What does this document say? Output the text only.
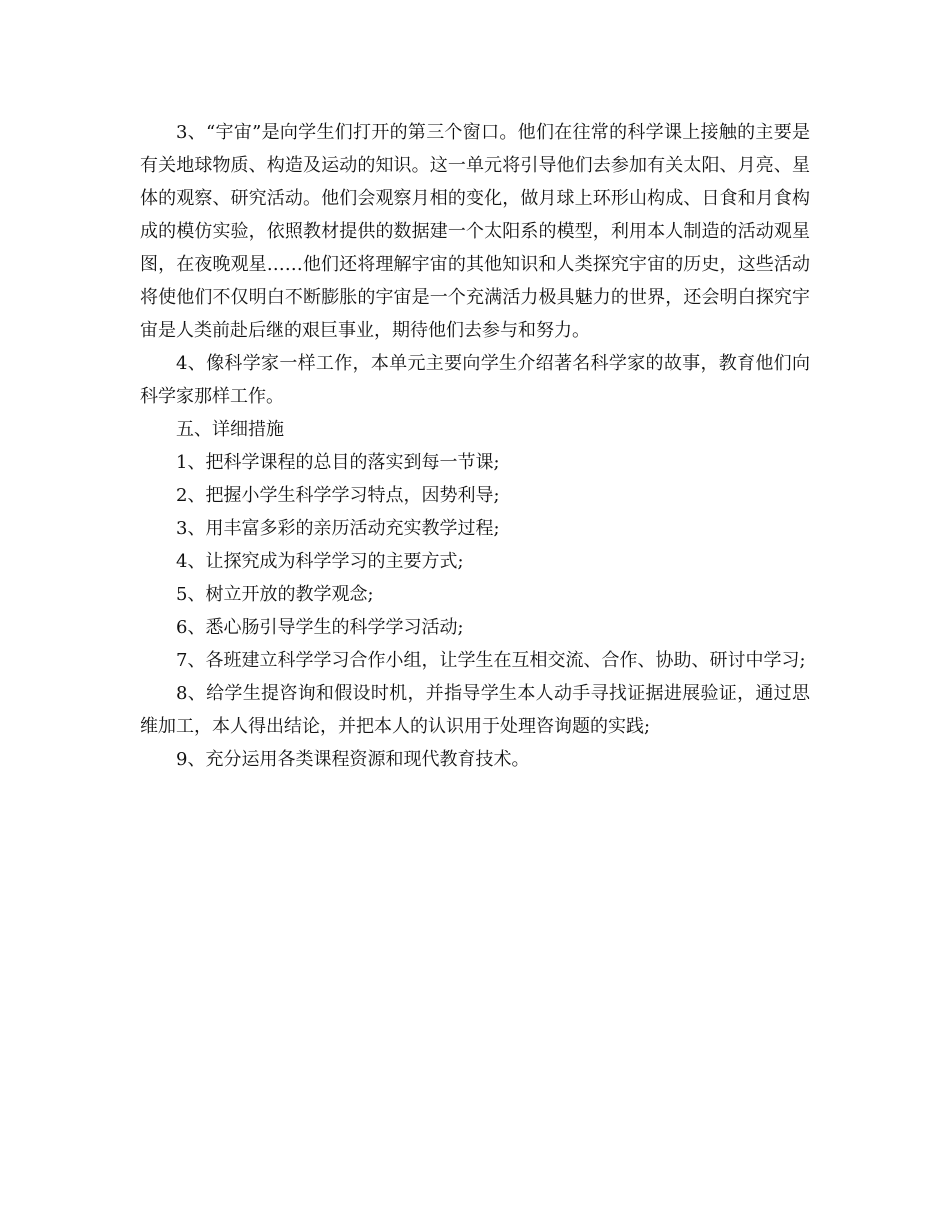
3、“宇宙”是向学生们打开的第三个窗口。他们在往常的科学课上接触的主要是有关地球物质、构造及运动的知识。这一单元将引导他们去参加有关太阳、月亮、星体的观察、研究活动。他们会观察月相的变化，做月球上环形山构成、日食和月食构成的模仿实验，依照教材提供的数据建一个太阳系的模型，利用本人制造的活动观星图，在夜晚观星……他们还将理解宇宙的其他知识和人类探究宇宙的历史，这些活动将使他们不仅明白不断膨胀的宇宙是一个充满活力极具魅力的世界，还会明白探究宇宙是人类前赴后继的艰巨事业，期待他们去参与和努力。

4、像科学家一样工作，本单元主要向学生介绍著名科学家的故事，教育他们向科学家那样工作。

五、详细措施

1、把科学课程的总目的落实到每一节课;

2、把握小学生科学学习特点，因势利导;

3、用丰富多彩的亲历活动充实教学过程;

4、让探究成为科学学习的主要方式;

5、树立开放的教学观念;

6、悉心肠引导学生的科学学习活动;

7、各班建立科学学习合作小组，让学生在互相交流、合作、协助、研讨中学习;

8、给学生提咨询和假设时机，并指导学生本人动手寻找证据进展验证，通过思维加工，本人得出结论，并把本人的认识用于处理咨询题的实践;

9、充分运用各类课程资源和现代教育技术。
